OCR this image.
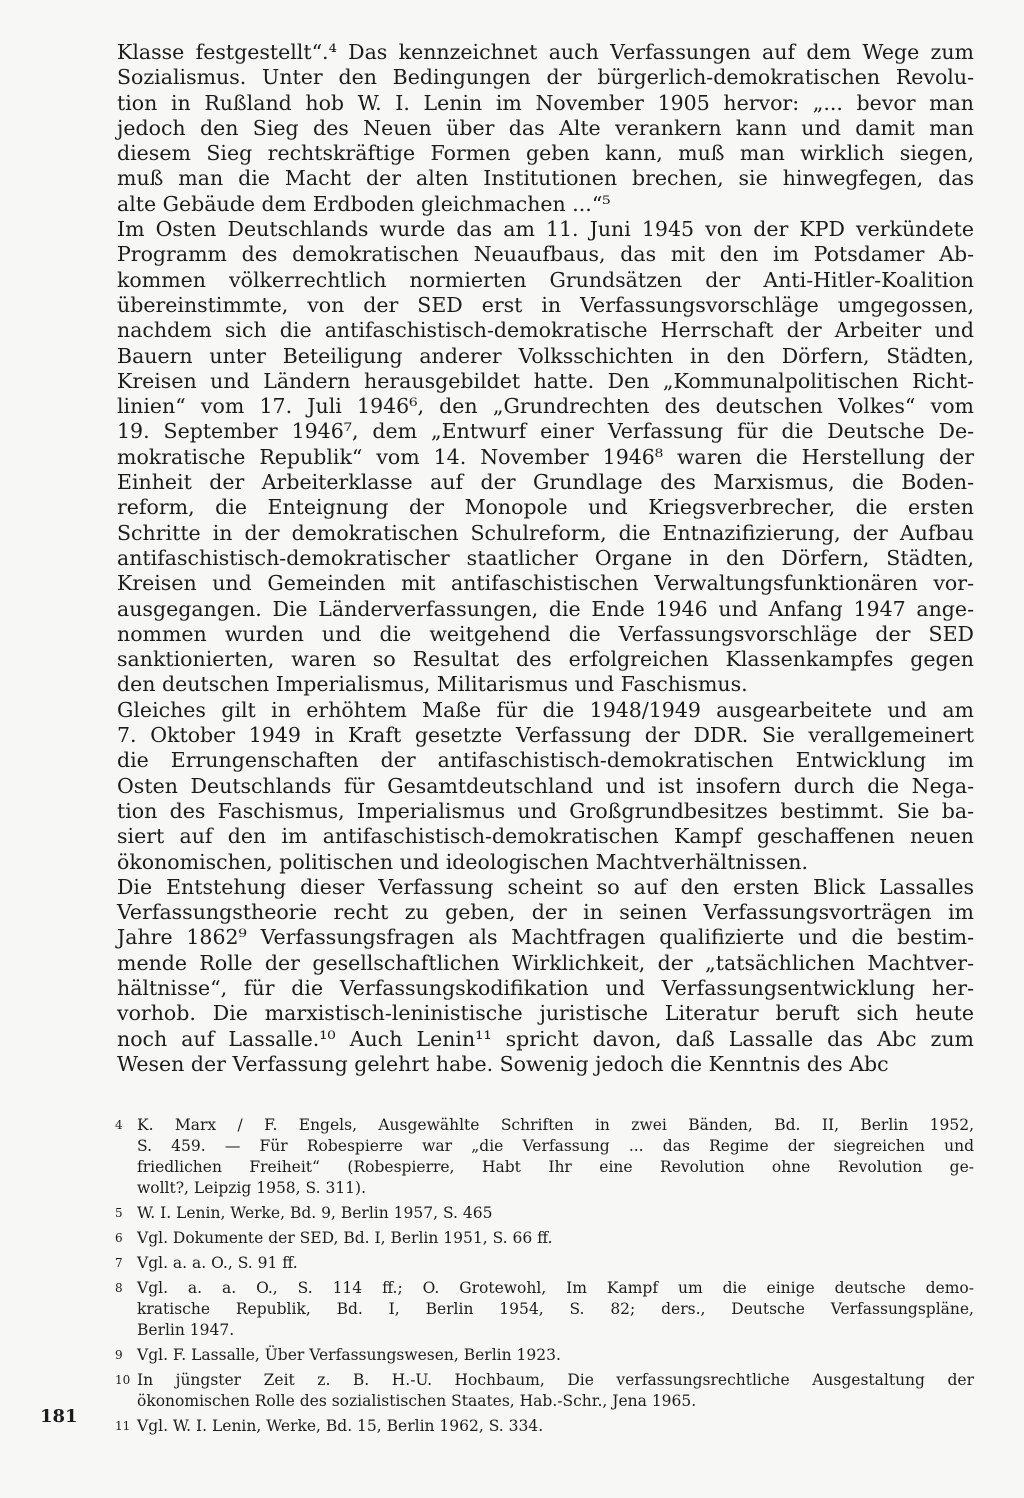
Klasse festgestellt“.⁴ Das kennzeichnet auch Verfassungen auf dem Wege zum
Sozialismus. Unter den Bedingungen der bürgerlich-demokratischen Revolu-
tion in Rußland hob W. I. Lenin im November 1905 hervor: „... bevor man
jedoch den Sieg des Neuen über das Alte verankern kann und damit man
diesem Sieg rechtskräftige Formen geben kann, muß man wirklich siegen,
muß man die Macht der alten Institutionen brechen, sie hinwegfegen, das
alte Gebäude dem Erdboden gleichmachen ...“⁵
Im Osten Deutschlands wurde das am 11. Juni 1945 von der KPD verkündete
Programm des demokratischen Neuaufbaus, das mit den im Potsdamer Ab-
kommen völkerrechtlich normierten Grundsätzen der Anti-Hitler-Koalition
übereinstimmte, von der SED erst in Verfassungsvorschläge umgegossen,
nachdem sich die antifaschistisch-demokratische Herrschaft der Arbeiter und
Bauern unter Beteiligung anderer Volksschichten in den Dörfern, Städten,
Kreisen und Ländern herausgebildet hatte. Den „Kommunalpolitischen Richt-
linien“ vom 17. Juli 1946⁶, den „Grundrechten des deutschen Volkes“ vom
19. September 1946⁷, dem „Entwurf einer Verfassung für die Deutsche De-
mokratische Republik“ vom 14. November 1946⁸ waren die Herstellung der
Einheit der Arbeiterklasse auf der Grundlage des Marxismus, die Boden-
reform, die Enteignung der Monopole und Kriegsverbrecher, die ersten
Schritte in der demokratischen Schulreform, die Entnazifizierung, der Aufbau
antifaschistisch-demokratischer staatlicher Organe in den Dörfern, Städten,
Kreisen und Gemeinden mit antifaschistischen Verwaltungsfunktionären vor-
ausgegangen. Die Länderverfassungen, die Ende 1946 und Anfang 1947 ange-
nommen wurden und die weitgehend die Verfassungsvorschläge der SED
sanktionierten, waren so Resultat des erfolgreichen Klassenkampfes gegen
den deutschen Imperialismus, Militarismus und Faschismus.
Gleiches gilt in erhöhtem Maße für die 1948/1949 ausgearbeitete und am
7. Oktober 1949 in Kraft gesetzte Verfassung der DDR. Sie verallgemeinert
die Errungenschaften der antifaschistisch-demokratischen Entwicklung im
Osten Deutschlands für Gesamtdeutschland und ist insofern durch die Nega-
tion des Faschismus, Imperialismus und Großgrundbesitzes bestimmt. Sie ba-
siert auf den im antifaschistisch-demokratischen Kampf geschaffenen neuen
ökonomischen, politischen und ideologischen Machtverhältnissen.
Die Entstehung dieser Verfassung scheint so auf den ersten Blick Lassalles
Verfassungstheorie recht zu geben, der in seinen Verfassungsvorträgen im
Jahre 1862⁹ Verfassungsfragen als Machtfragen qualifizierte und die bestim-
mende Rolle der gesellschaftlichen Wirklichkeit, der „tatsächlichen Machtver-
hältnisse“, für die Verfassungskodifikation und Verfassungsentwicklung her-
vorhob. Die marxistisch-leninistische juristische Literatur beruft sich heute
noch auf Lassalle.¹⁰ Auch Lenin¹¹ spricht davon, daß Lassalle das Abc zum
Wesen der Verfassung gelehrt habe. Sowenig jedoch die Kenntnis des Abc
4 K. Marx / F. Engels, Ausgewählte Schriften in zwei Bänden, Bd. II, Berlin 1952,
S. 459. — Für Robespierre war „die Verfassung ... das Regime der siegreichen und
friedlichen Freiheit“ (Robespierre, Habt Ihr eine Revolution ohne Revolution ge-
wollt?, Leipzig 1958, S. 311).
5 W. I. Lenin, Werke, Bd. 9, Berlin 1957, S. 465
6 Vgl. Dokumente der SED, Bd. I, Berlin 1951, S. 66 ff.
7 Vgl. a. a. O., S. 91 ff.
8 Vgl. a. a. O., S. 114 ff.; O. Grotewohl, Im Kampf um die einige deutsche demo-
kratische Republik, Bd. I, Berlin 1954, S. 82; ders., Deutsche Verfassungspläne,
Berlin 1947.
9 Vgl. F. Lassalle, Über Verfassungswesen, Berlin 1923.
10 In jüngster Zeit z. B. H.-U. Hochbaum, Die verfassungsrechtliche Ausgestaltung der
ökonomischen Rolle des sozialistischen Staates, Hab.-Schr., Jena 1965.
11 Vgl. W. I. Lenin, Werke, Bd. 15, Berlin 1962, S. 334.
181
